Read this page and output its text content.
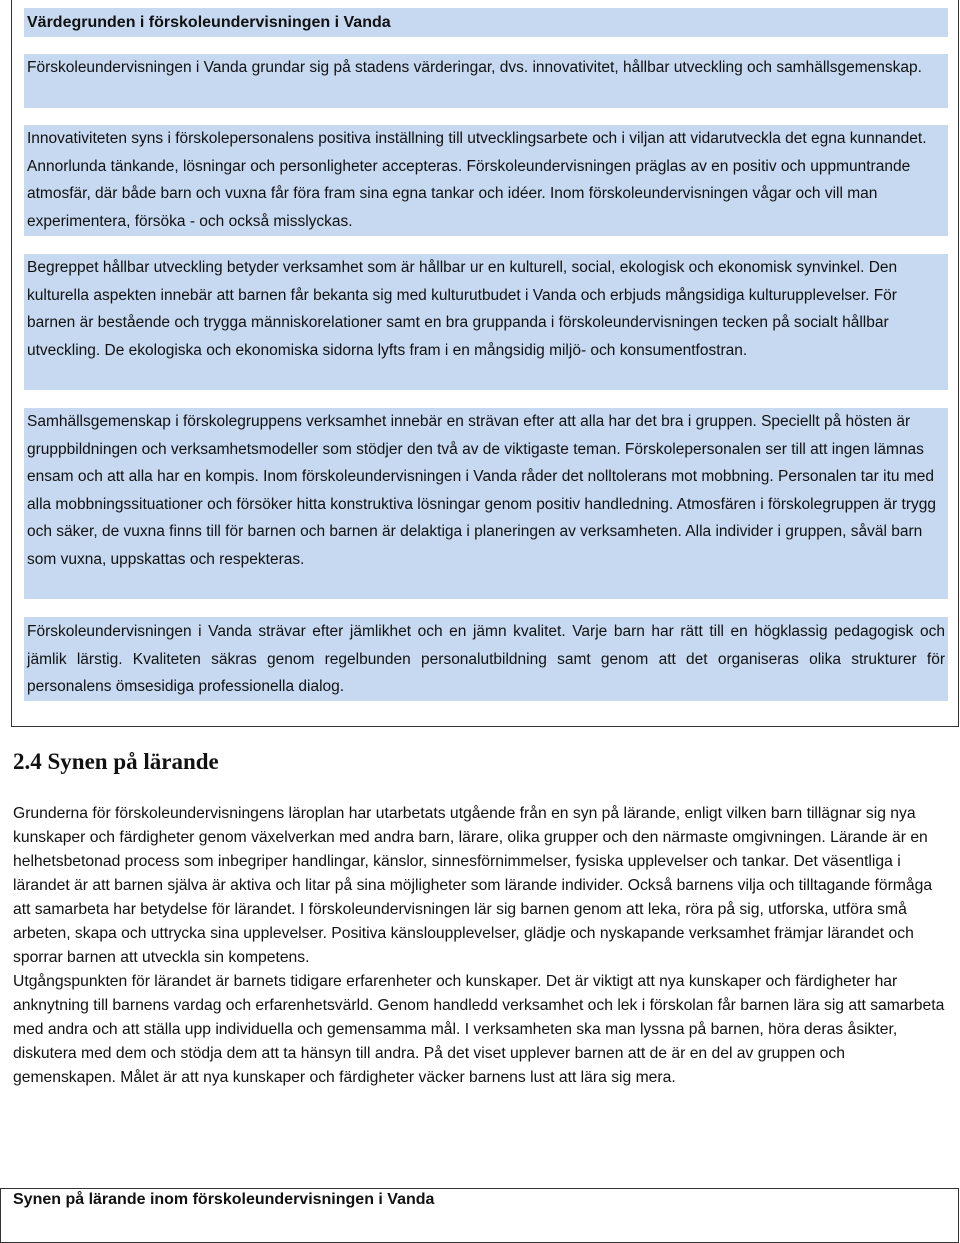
Värdegrunden i förskoleundervisningen i Vanda

Förskoleundervisningen i Vanda grundar sig på stadens värderingar, dvs. innovativitet, hållbar utveckling och samhällsgemenskap.

Innovativiteten syns i förskolepersonalens positiva inställning till utvecklingsarbete och i viljan att vidarutveckla det egna kunnandet. Annorlunda tänkande, lösningar och personligheter accepteras. Förskoleundervisningen präglas av en positiv och uppmuntrande atmosfär, där både barn och vuxna får föra fram sina egna tankar och idéer. Inom förskoleundervisningen vågar och vill man experimentera, försöka - och också misslyckas.

Begreppet hållbar utveckling betyder verksamhet som är hållbar ur en kulturell, social, ekologisk och ekonomisk synvinkel. Den kulturella aspekten innebär att barnen får bekanta sig med kulturutbudet i Vanda och erbjuds mångsidiga kulturupplevelser. För barnen är bestående och trygga människorelationer samt en bra gruppanda i förskoleundervisningen tecken på socialt hållbar utveckling. De ekologiska och ekonomiska sidorna lyfts fram i en mångsidig miljö- och konsumentfostran.

Samhällsgemenskap i förskolegruppens verksamhet innebär en strävan efter att alla har det bra i gruppen. Speciellt på hösten är gruppbildningen och verksamhetsmodeller som stödjer den två av de viktigaste teman. Förskolepersonalen ser till att ingen lämnas ensam och att alla har en kompis. Inom förskoleundervisningen i Vanda råder det nolltolerans mot mobbning. Personalen tar itu med alla mobbningssituationer och försöker hitta konstruktiva lösningar genom positiv handledning. Atmosfären i förskolegruppen är trygg och säker, de vuxna finns till för barnen och barnen är delaktiga i planeringen av verksamheten. Alla individer i gruppen, såväl barn som vuxna, uppskattas och respekteras.

Förskoleundervisningen i Vanda strävar efter jämlikhet och en jämn kvalitet. Varje barn har rätt till en högklassig pedagogisk och jämlik lärstig. Kvaliteten säkras genom regelbunden personalutbildning samt genom att det organiseras olika strukturer för personalens ömsesidiga professionella dialog.

2.4 Synen på lärande

Grunderna för förskoleundervisningens läroplan har utarbetats utgående från en syn på lärande, enligt vilken barn tillägnar sig nya kunskaper och färdigheter genom växelverkan med andra barn, lärare, olika grupper och den närmaste omgivningen. Lärande är en helhetsbetonad process som inbegriper handlingar, känslor, sinnesförnimmelser, fysiska upplevelser och tankar. Det väsentliga i lärandet är att barnen själva är aktiva och litar på sina möjligheter som lärande individer. Också barnens vilja och tilltagande förmåga att samarbeta har betydelse för lärandet. I förskoleundervisningen lär sig barnen genom att leka, röra på sig, utforska, utföra små arbeten, skapa och uttrycka sina upplevelser. Positiva känsloupplevelser, glädje och nyskapande verksamhet främjar lärandet och sporrar barnen att utveckla sin kompetens.

Utgångspunkten för lärandet är barnets tidigare erfarenheter och kunskaper. Det är viktigt att nya kunskaper och färdigheter har anknytning till barnens vardag och erfarenhetsvärld. Genom handledd verksamhet och lek i förskolan får barnen lära sig att samarbeta med andra och att ställa upp individuella och gemensamma mål. I verksamheten ska man lyssna på barnen, höra deras åsikter, diskutera med dem och stödja dem att ta hänsyn till andra. På det viset upplever barnen att de är en del av gruppen och gemenskapen. Målet är att nya kunskaper och färdigheter väcker barnens lust att lära sig mera.

Synen på lärande inom förskoleundervisningen i Vanda
